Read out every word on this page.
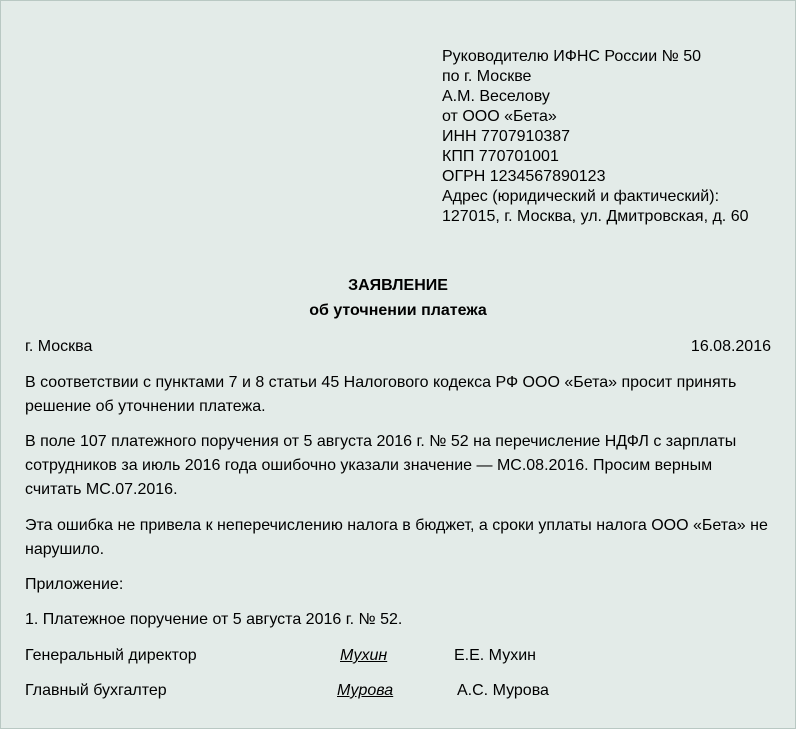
Руководителю ИФНС России № 50
по г. Москве
А.М. Веселову
от ООО «Бета»
ИНН 7707910387
КПП 770701001
ОГРН 1234567890123
Адрес (юридический и фактический):
127015, г. Москва, ул. Дмитровская, д. 60
ЗАЯВЛЕНИЕ
об уточнении платежа
г. Москва	16.08.2016
В соответствии с пунктами 7 и 8 статьи 45 Налогового кодекса РФ ООО «Бета» просит принять решение об уточнении платежа.
В поле 107 платежного поручения от 5 августа 2016 г. № 52 на перечисление НДФЛ с зарплаты сотрудников за июль 2016 года ошибочно указали значение — МС.08.2016. Просим верным считать МС.07.2016.
Эта ошибка не привела к неперечислению налога в бюджет, а сроки уплаты налога ООО «Бета» не нарушило.
Приложение:
1. Платежное поручение от 5 августа 2016 г. № 52.
Генеральный директор	Мухин	Е.Е. Мухин
Главный бухгалтер	Мурова	А.С. Мурова
